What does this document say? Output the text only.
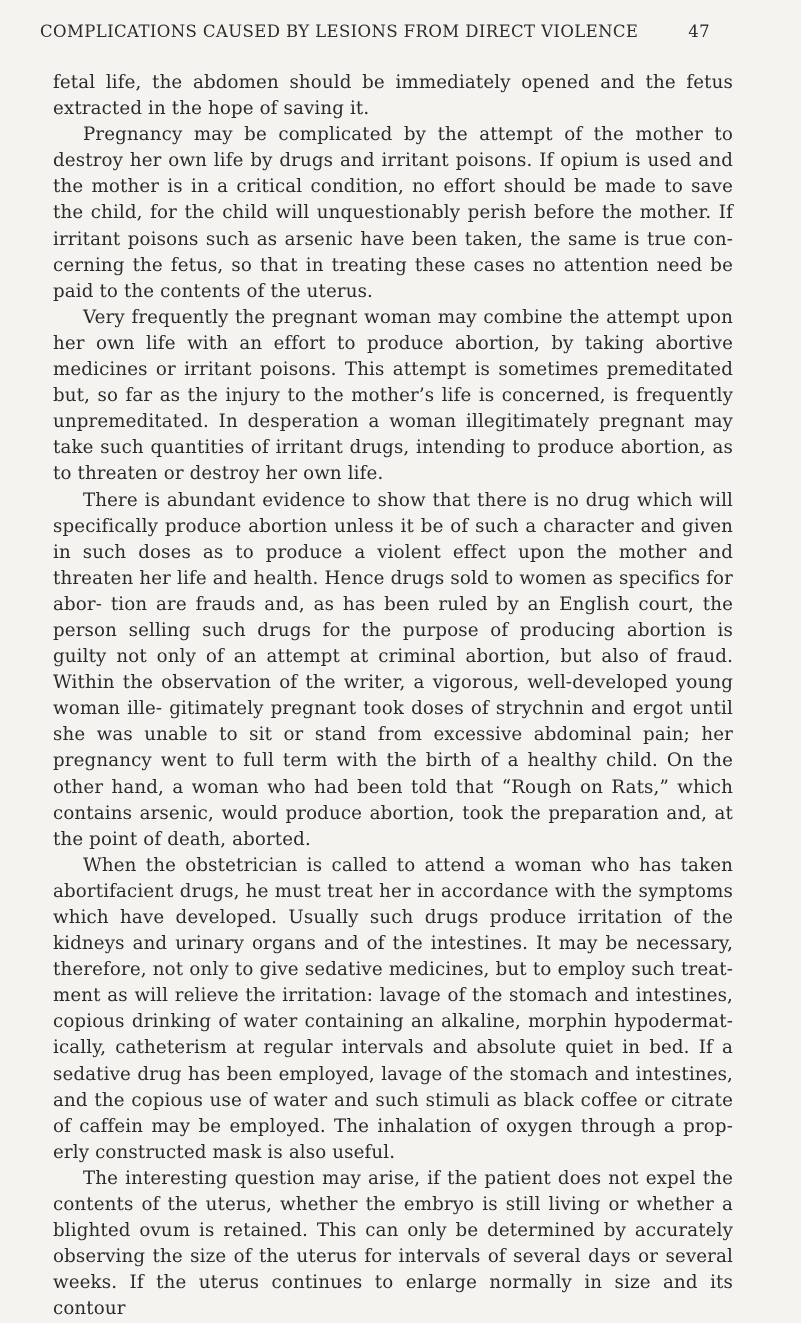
COMPLICATIONS CAUSED BY LESIONS FROM DIRECT VIOLENCE	47

fetal life, the abdomen should be immediately opened and the fetus extracted in the hope of saving it.

Pregnancy may be complicated by the attempt of the mother to destroy her own life by drugs and irritant poisons. If opium is used and the mother is in a critical condition, no effort should be made to save the child, for the child will unquestionably perish before the mother. If irritant poisons such as arsenic have been taken, the same is true con- cerning the fetus, so that in treating these cases no attention need be paid to the contents of the uterus.

Very frequently the pregnant woman may combine the attempt upon her own life with an effort to produce abortion, by taking abortive medicines or irritant poisons. This attempt is sometimes premeditated but, so far as the injury to the mother’s life is concerned, is frequently unpremeditated. In desperation a woman illegitimately pregnant may take such quantities of irritant drugs, intending to produce abortion, as to threaten or destroy her own life.

There is abundant evidence to show that there is no drug which will specifically produce abortion unless it be of such a character and given in such doses as to produce a violent effect upon the mother and threaten her life and health. Hence drugs sold to women as specifics for abor- tion are frauds and, as has been ruled by an English court, the person selling such drugs for the purpose of producing abortion is guilty not only of an attempt at criminal abortion, but also of fraud. Within the observation of the writer, a vigorous, well-developed young woman ille- gitimately pregnant took doses of strychnin and ergot until she was unable to sit or stand from excessive abdominal pain; her pregnancy went to full term with the birth of a healthy child. On the other hand, a woman who had been told that “Rough on Rats,” which contains arsenic, would produce abortion, took the preparation and, at the point of death, aborted.

When the obstetrician is called to attend a woman who has taken abortifacient drugs, he must treat her in accordance with the symptoms which have developed. Usually such drugs produce irritation of the kidneys and urinary organs and of the intestines. It may be necessary, therefore, not only to give sedative medicines, but to employ such treat- ment as will relieve the irritation: lavage of the stomach and intestines, copious drinking of water containing an alkaline, morphin hypodermat- ically, catheterism at regular intervals and absolute quiet in bed. If a sedative drug has been employed, lavage of the stomach and intestines, and the copious use of water and such stimuli as black coffee or citrate of caffein may be employed. The inhalation of oxygen through a prop- erly constructed mask is also useful.

The interesting question may arise, if the patient does not expel the contents of the uterus, whether the embryo is still living or whether a blighted ovum is retained. This can only be determined by accurately observing the size of the uterus for intervals of several days or several weeks. If the uterus continues to enlarge normally in size and its contour
